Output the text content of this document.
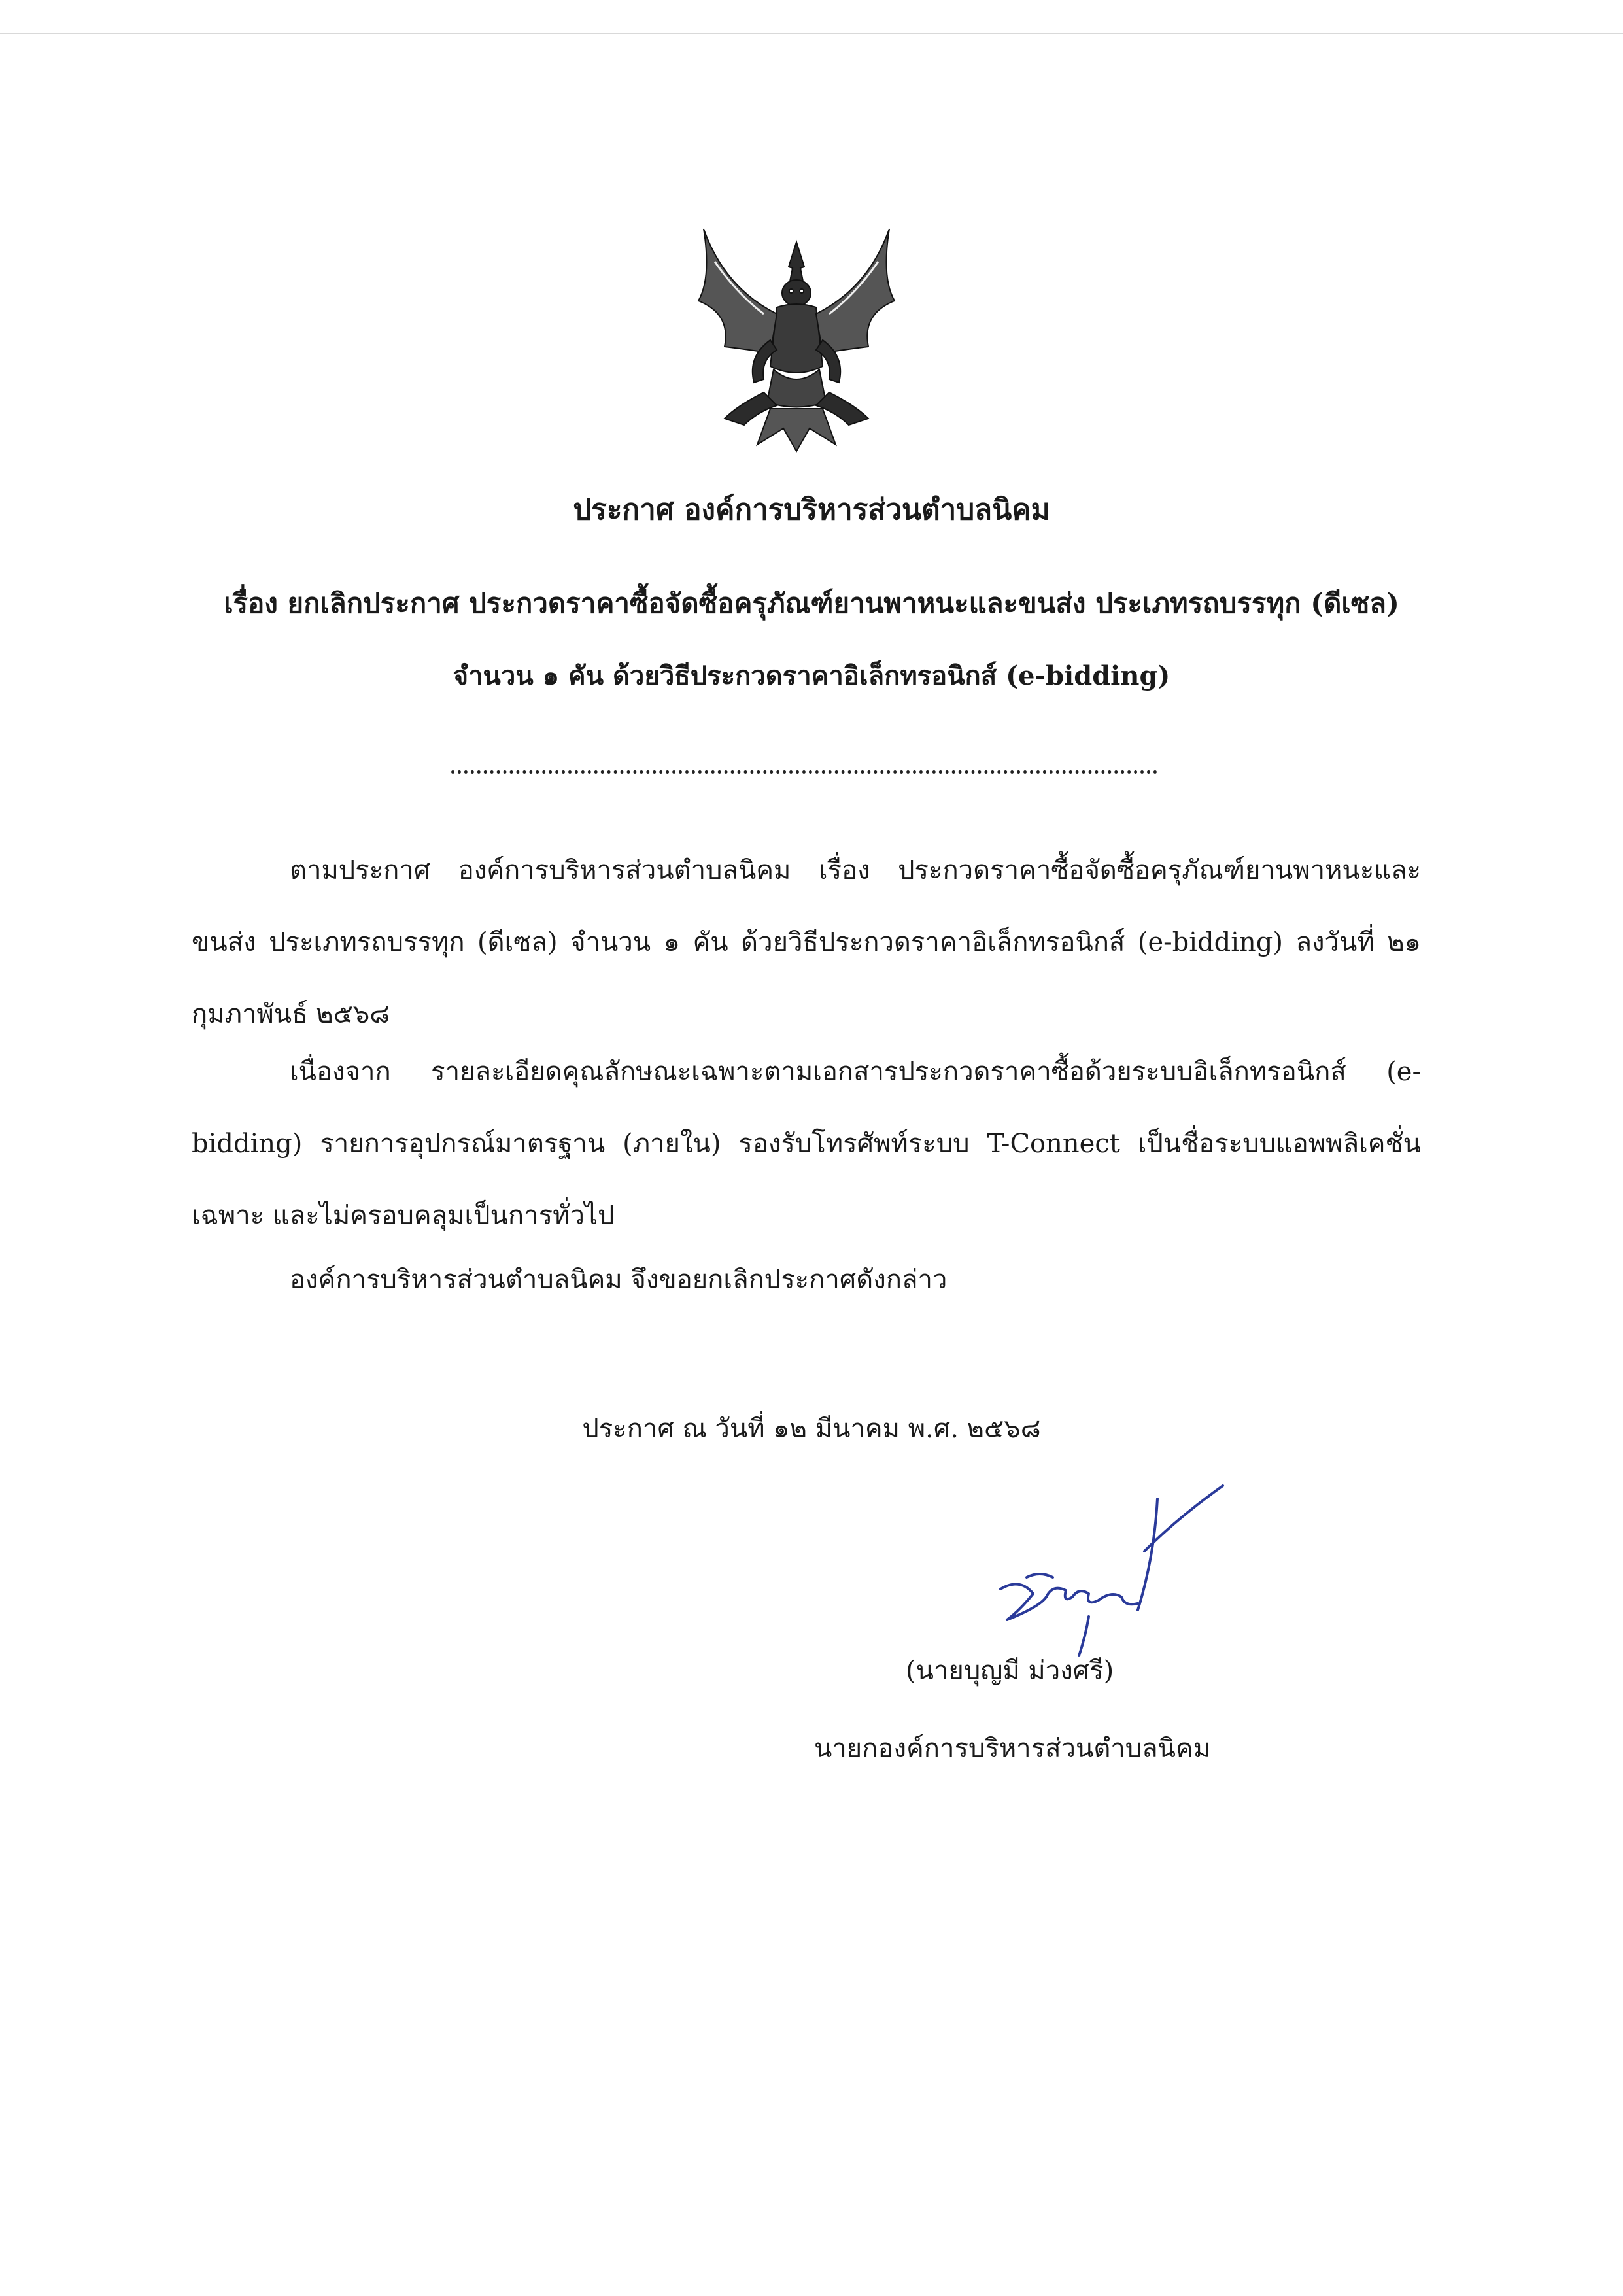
ประกาศ องค์การบริหารส่วนตำบลนิคม
เรื่อง ยกเลิกประกาศ ประกวดราคาซื้อจัดซื้อครุภัณฑ์ยานพาหนะและขนส่ง ประเภทรถบรรทุก (ดีเซล)
จำนวน ๑ คัน ด้วยวิธีประกวดราคาอิเล็กทรอนิกส์ (e-bidding)

ตามประกาศ องค์การบริหารส่วนตำบลนิคม เรื่อง ประกวดราคาซื้อจัดซื้อครุภัณฑ์ยานพาหนะและขนส่ง ประเภทรถบรรทุก (ดีเซล) จำนวน ๑ คัน ด้วยวิธีประกวดราคาอิเล็กทรอนิกส์ (e-bidding) ลงวันที่ ๒๑ กุมภาพันธ์ ๒๕๖๘

เนื่องจาก รายละเอียดคุณลักษณะเฉพาะตามเอกสารประกวดราคาซื้อด้วยระบบอิเล็กทรอนิกส์ (e-bidding) รายการอุปกรณ์มาตรฐาน (ภายใน) รองรับโทรศัพท์ระบบ T-Connect เป็นชื่อระบบแอพพลิเคชั่นเฉพาะ และไม่ครอบคลุมเป็นการทั่วไป

องค์การบริหารส่วนตำบลนิคม จึงขอยกเลิกประกาศดังกล่าว
ประกาศ ณ วันที่ ๑๒ มีนาคม พ.ศ. ๒๕๖๘
(นายบุญมี ม่วงศรี)
นายกองค์การบริหารส่วนตำบลนิคม
